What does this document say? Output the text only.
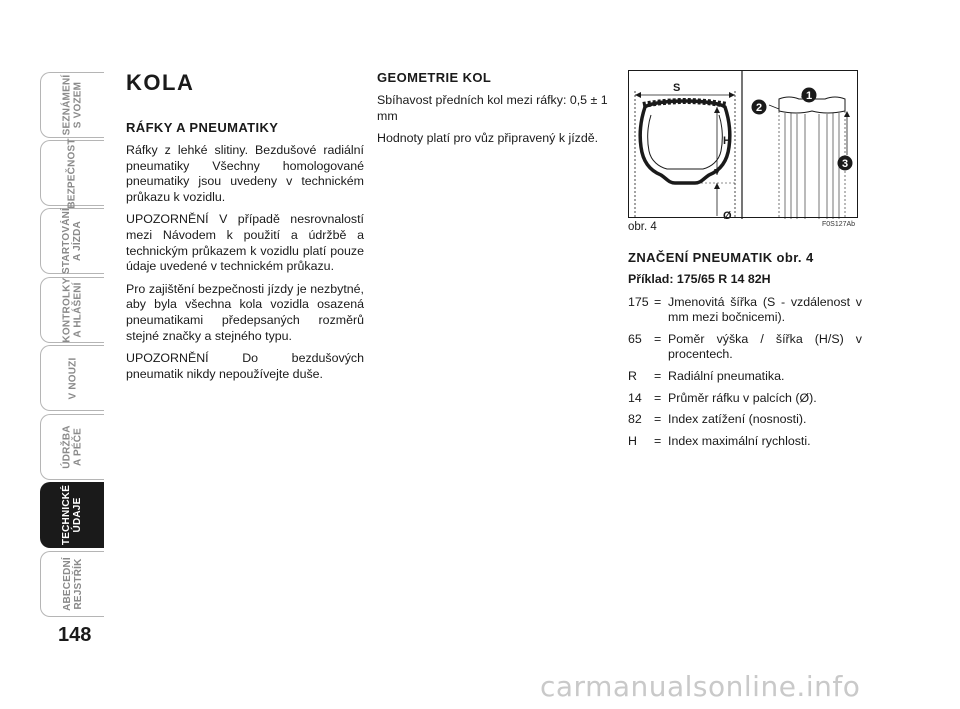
SEZNÁMENÍ
S VOZEM
BEZPEČNOST
STARTOVÁNÍ
A JÍZDA
KONTROLKY
A HLÁŠENÍ
V NOUZI
ÚDRŽBA
A PÉČE
TECHNICKÉ
ÚDAJE
ABECEDNÍ
REJSTŘÍK
148
KOLA
RÁFKY A PNEUMATIKY

Ráfky z lehké slitiny. Bezdušové radiální pneumatiky Všechny homologované pneumatiky jsou uvedeny v technickém průkazu k vozidlu.

UPOZORNĚNÍ V případě nesrovnalostí mezi Návodem k použití a údržbě a technickým průkazem k vozidlu platí pouze údaje uvedené v technickém průkazu.

Pro zajištění bezpečnosti jízdy je nezbytné, aby byla všechna kola vozidla osazená pneumatikami předepsaných rozměrů stejné značky a stejného typu.

UPOZORNĚNÍ Do bezdušových pneumatik nikdy nepoužívejte duše.

GEOMETRIE KOL

Sbíhavost předních kol mezi ráfky: 0,5 ± 1 mm

Hodnoty platí pro vůz připravený k jízdě.

S
H
Ø
1
2
3
obr. 4	F0S127Ab
ZNAČENÍ PNEUMATIK obr. 4
Příklad: 175/65 R 14 82H
175 = Jmenovitá šířka (S - vzdálenost v mm mezi bočnicemi).
65 = Poměr výška / šířka (H/S) v procentech.
R	= Radiální pneumatika.
14 = Průměr ráfku v palcích (Ø).
82 = Index zatížení (nosnosti).
H	= Index maximální rychlosti.
carmanualsonline.info
